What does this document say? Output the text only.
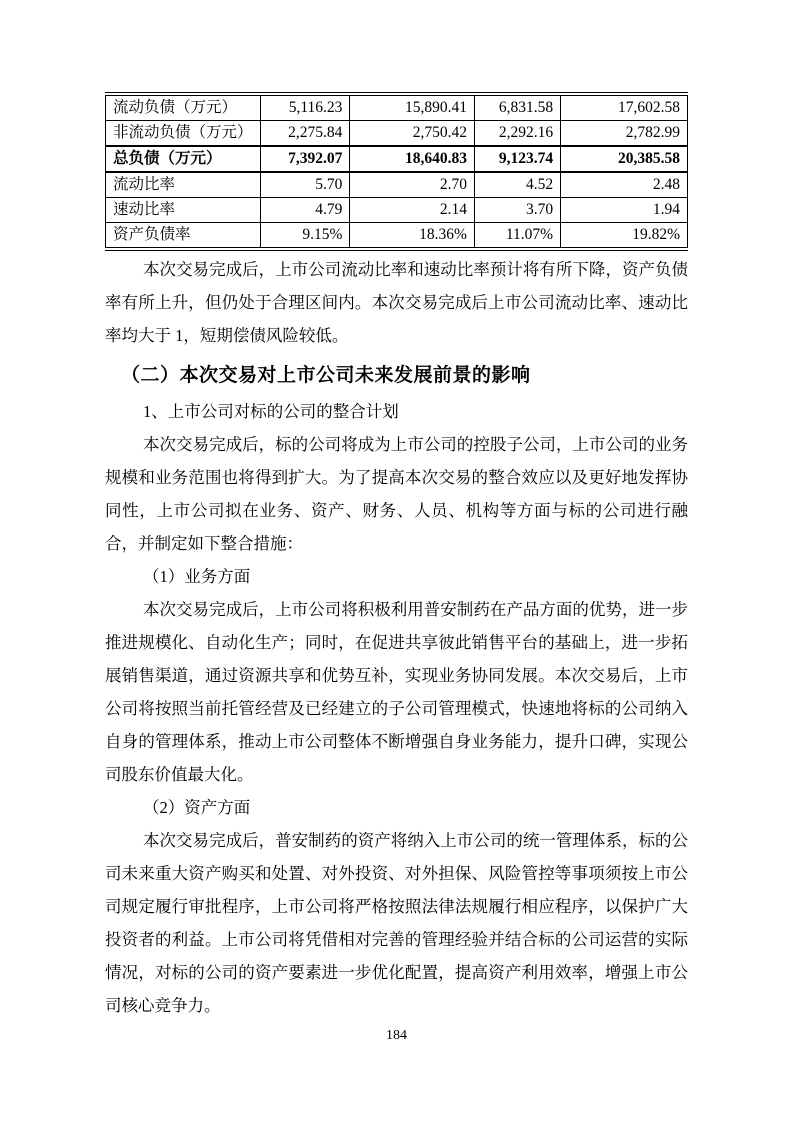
流动负债（万元）	5,116.23	15,890.41	6,831.58	17,602.58
非流动负债（万元）	2,275.84	2,750.42	2,292.16	2,782.99
总负债（万元）	7,392.07	18,640.83	9,123.74	20,385.58
流动比率	5.70	2.70	4.52	2.48
速动比率	4.79	2.14	3.70	1.94
资产负债率	9.15%	18.36%	11.07%	19.82%

本次交易完成后，上市公司流动比率和速动比率预计将有所下降，资产负债率有所上升，但仍处于合理区间内。本次交易完成后上市公司流动比率、速动比率均大于 1，短期偿债风险较低。

（二）本次交易对上市公司未来发展前景的影响

1、上市公司对标的公司的整合计划

本次交易完成后，标的公司将成为上市公司的控股子公司，上市公司的业务规模和业务范围也将得到扩大。为了提高本次交易的整合效应以及更好地发挥协同性，上市公司拟在业务、资产、财务、人员、机构等方面与标的公司进行融合，并制定如下整合措施：

（1）业务方面

本次交易完成后，上市公司将积极利用普安制药在产品方面的优势，进一步推进规模化、自动化生产；同时，在促进共享彼此销售平台的基础上，进一步拓展销售渠道，通过资源共享和优势互补，实现业务协同发展。本次交易后，上市公司将按照当前托管经营及已经建立的子公司管理模式，快速地将标的公司纳入自身的管理体系，推动上市公司整体不断增强自身业务能力，提升口碑，实现公司股东价值最大化。

（2）资产方面

本次交易完成后，普安制药的资产将纳入上市公司的统一管理体系，标的公司未来重大资产购买和处置、对外投资、对外担保、风险管控等事项须按上市公司规定履行审批程序，上市公司将严格按照法律法规履行相应程序，以保护广大投资者的利益。上市公司将凭借相对完善的管理经验并结合标的公司运营的实际情况，对标的公司的资产要素进一步优化配置，提高资产利用效率，增强上市公司核心竞争力。

184
